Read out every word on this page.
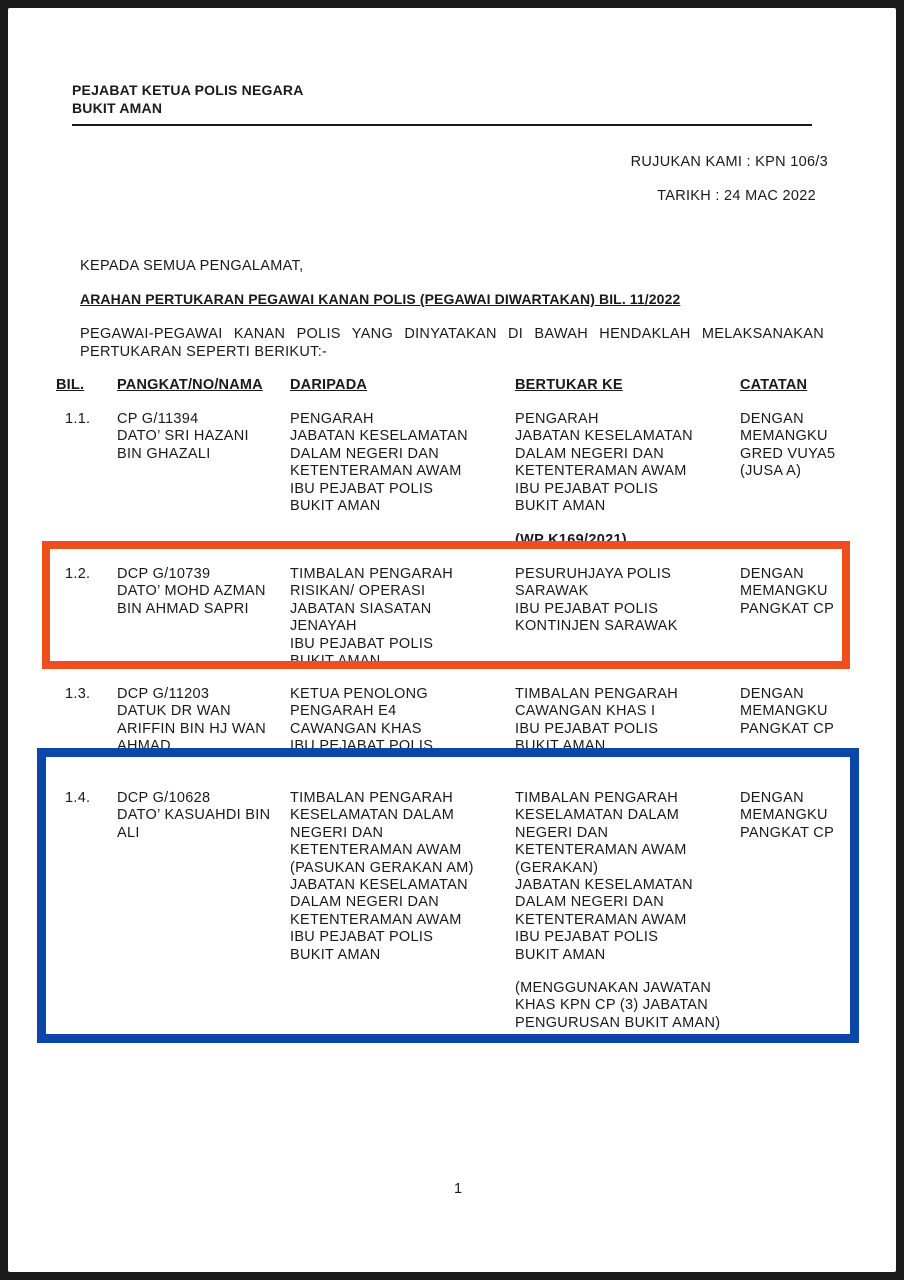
PEJABAT KETUA POLIS NEGARA
BUKIT AMAN
RUJUKAN KAMI : KPN 106/3
TARIKH : 24 MAC 2022
KEPADA SEMUA PENGALAMAT,
ARAHAN PERTUKARAN PEGAWAI KANAN POLIS (PEGAWAI DIWARTAKAN) BIL. 11/2022
PEGAWAI-PEGAWAI KANAN POLIS YANG DINYATAKAN DI BAWAH HENDAKLAH MELAKSANAKAN
PERTUKARAN SEPERTI BERIKUT:-
BIL. PANGKAT/NO/NAMA DARIPADA	BERTUKAR KE	CATATAN
1.1. CP G/11394
DATO’ SRI HAZANI
BIN GHAZALI
PENGARAH
JABATAN KESELAMATAN
DALAM NEGERI DAN
KETENTERAMAN AWAM
IBU PEJABAT POLIS
BUKIT AMAN
PENGARAH
JABATAN KESELAMATAN
DALAM NEGERI DAN
KETENTERAMAN AWAM
IBU PEJABAT POLIS
BUKIT AMAN
(WP K169/2021)
DENGAN
MEMANGKU
GRED VUYA5
(JUSA A)
1.2. DCP G/10739
DATO’ MOHD AZMAN
BIN AHMAD SAPRI
TIMBALAN PENGARAH
RISIKAN/ OPERASI
JABATAN SIASATAN
JENAYAH
IBU PEJABAT POLIS
BUKIT AMAN
PESURUHJAYA POLIS
SARAWAK
IBU PEJABAT POLIS
KONTINJEN SARAWAK
DENGAN
MEMANGKU
PANGKAT CP
1.3. DCP G/11203
DATUK DR WAN
ARIFFIN BIN HJ WAN
AHMAD
KETUA PENOLONG
PENGARAH E4
CAWANGAN KHAS
IBU PEJABAT POLIS
TIMBALAN PENGARAH
CAWANGAN KHAS I
IBU PEJABAT POLIS
BUKIT AMAN
DENGAN
MEMANGKU
PANGKAT CP
1.4. DCP G/10628
DATO’ KASUAHDI BIN
ALI
TIMBALAN PENGARAH
KESELAMATAN DALAM
NEGERI DAN
KETENTERAMAN AWAM
(PASUKAN GERAKAN AM)
JABATAN KESELAMATAN
DALAM NEGERI DAN
KETENTERAMAN AWAM
IBU PEJABAT POLIS
BUKIT AMAN
TIMBALAN PENGARAH
KESELAMATAN DALAM
NEGERI DAN
KETENTERAMAN AWAM
(GERAKAN)
JABATAN KESELAMATAN
DALAM NEGERI DAN
KETENTERAMAN AWAM
IBU PEJABAT POLIS
BUKIT AMAN
(MENGGUNAKAN JAWATAN
KHAS KPN CP (3) JABATAN
PENGURUSAN BUKIT AMAN)
DENGAN
MEMANGKU
PANGKAT CP
1
